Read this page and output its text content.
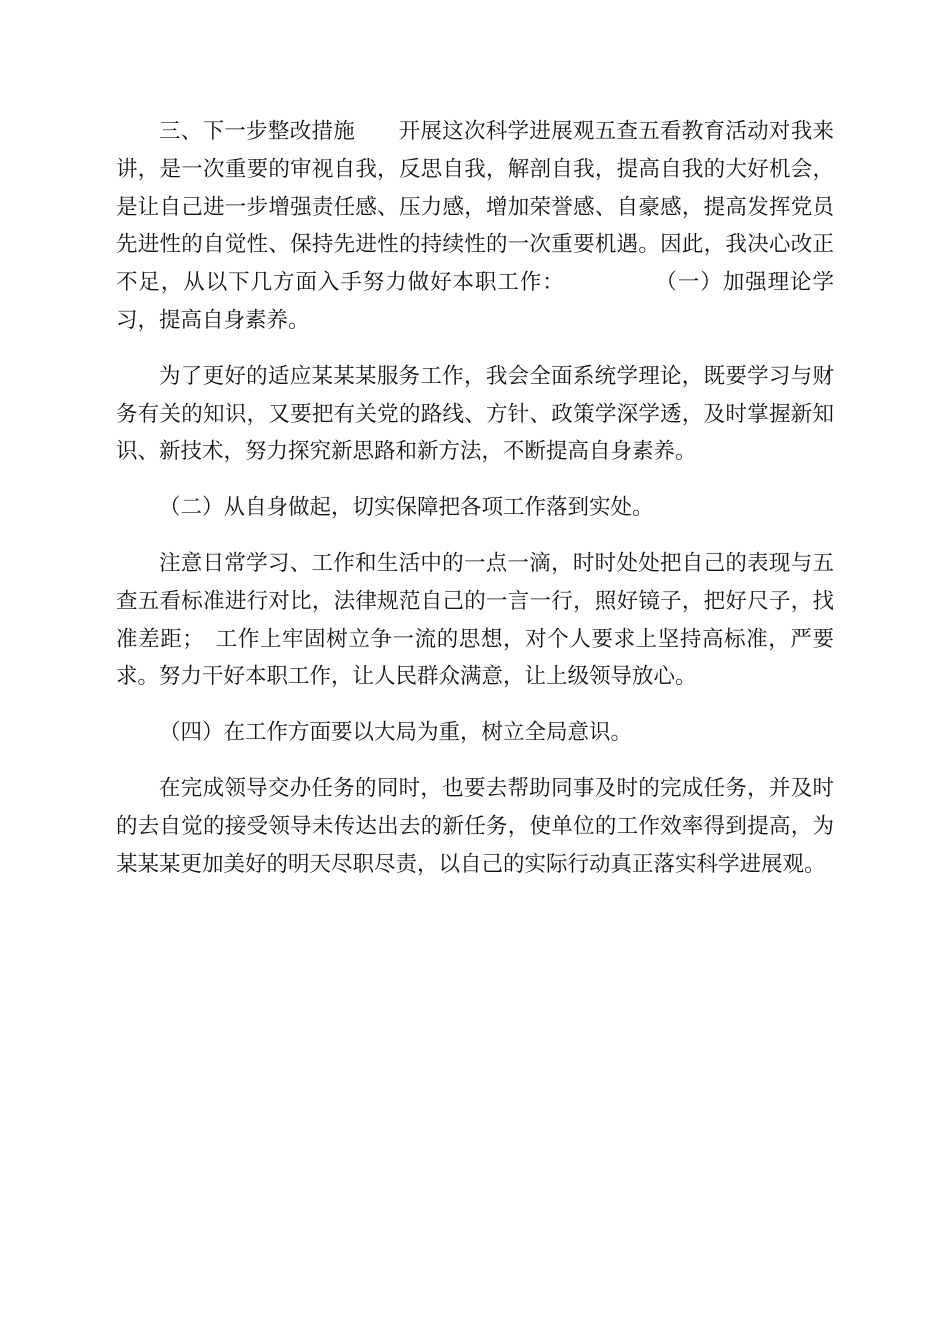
三、下一步整改措施　　开展这次科学进展观五查五看教育活动对我来讲，是一次重要的审视自我，反思自我，解剖自我，提高自我的大好机会，是让自己进一步增强责任感、压力感，增加荣誉感、自豪感，提高发挥党员先进性的自觉性、保持先进性的持续性的一次重要机遇。因此，我决心改正不足，从以下几方面入手努力做好本职工作：　　　　　（一）加强理论学习，提高自身素养。

为了更好的适应某某某服务工作，我会全面系统学理论，既要学习与财务有关的知识，又要把有关党的路线、方针、政策学深学透，及时掌握新知识、新技术，努力探究新思路和新方法，不断提高自身素养。

（二）从自身做起，切实保障把各项工作落到实处。

注意日常学习、工作和生活中的一点一滴，时时处处把自己的表现与五查五看标准进行对比，法律规范自己的一言一行，照好镜子，把好尺子，找准差距；　工作上牢固树立争一流的思想，对个人要求上坚持高标准，严要求。努力干好本职工作，让人民群众满意，让上级领导放心。

（四）在工作方面要以大局为重，树立全局意识。

在完成领导交办任务的同时，也要去帮助同事及时的完成任务，并及时的去自觉的接受领导未传达出去的新任务，使单位的工作效率得到提高，为某某某更加美好的明天尽职尽责，以自己的实际行动真正落实科学进展观。
